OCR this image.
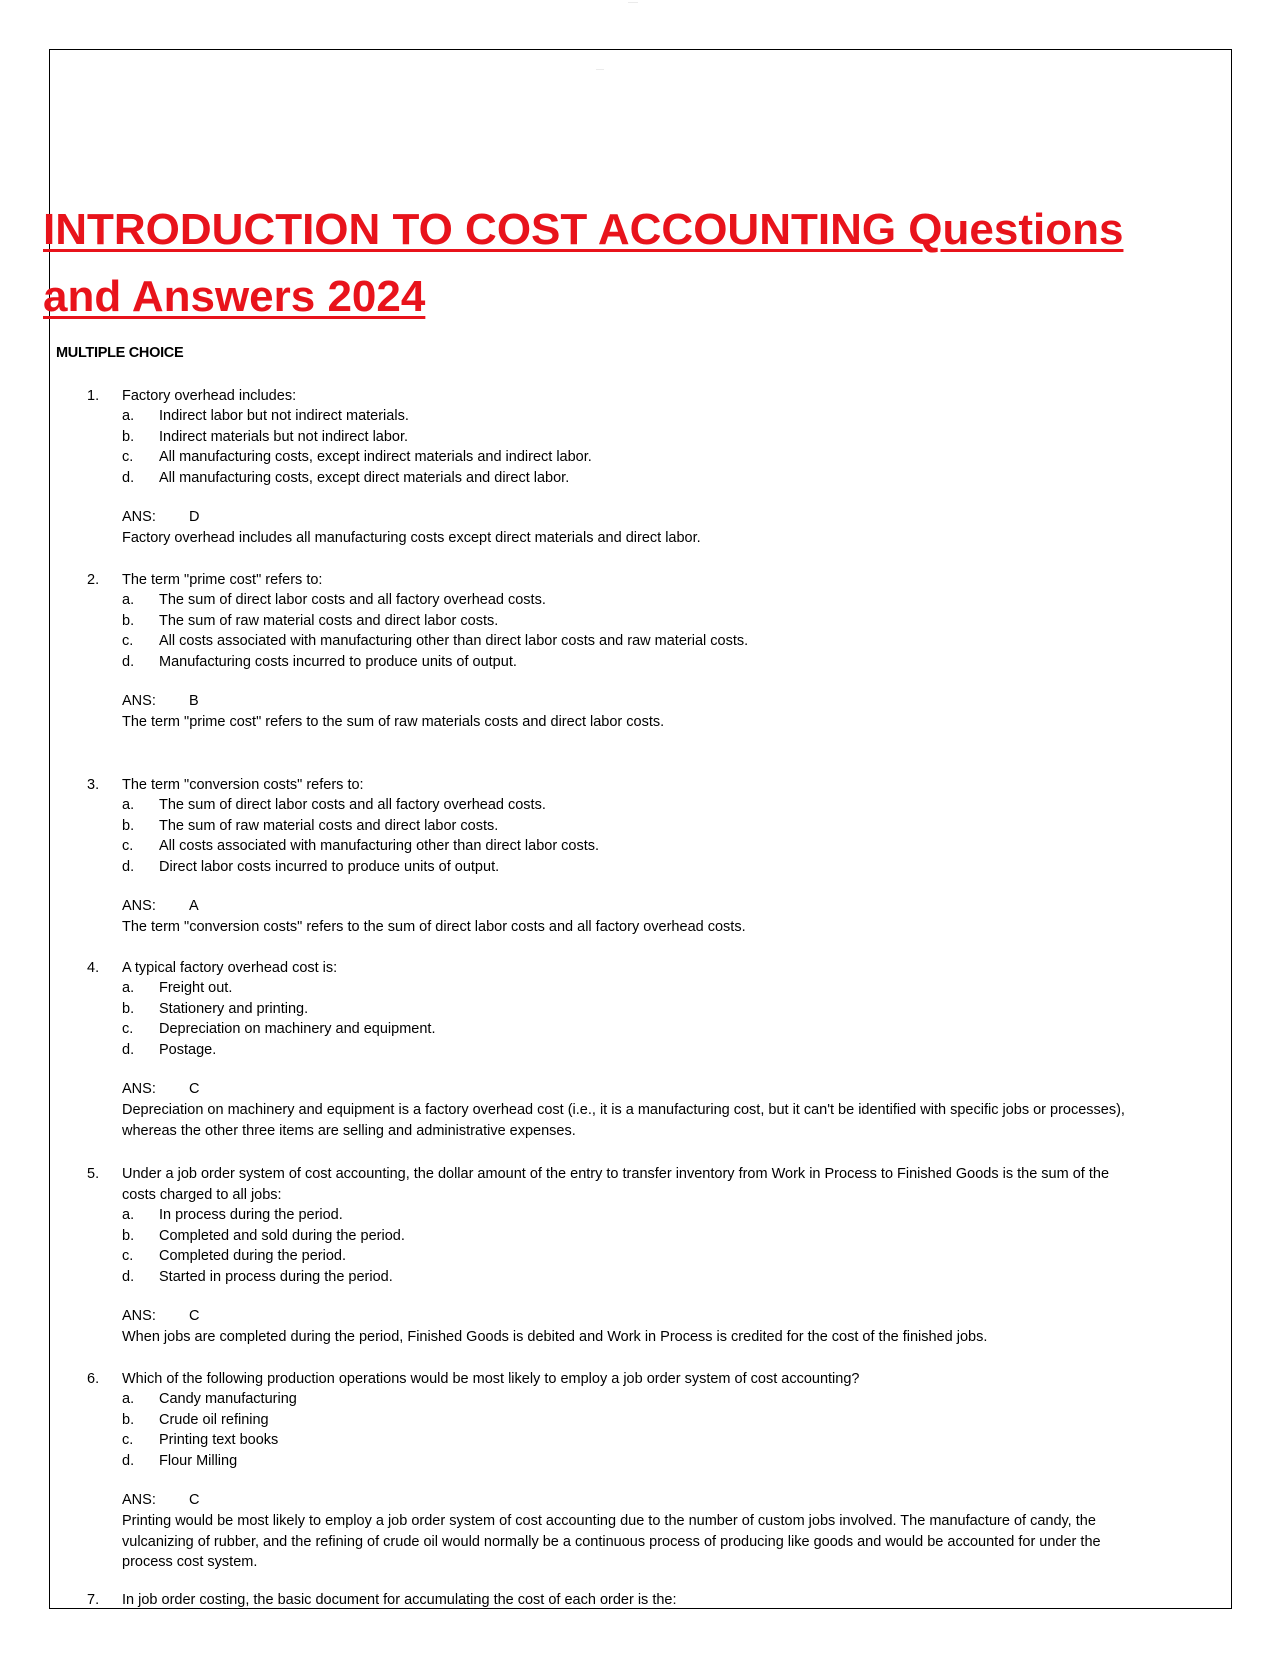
----------
--------
INTRODUCTION TO COST ACCOUNTING Questions and Answers 2024
MULTIPLE CHOICE
1.	Factory overhead includes:
a. Indirect labor but not indirect materials.
b. Indirect materials but not indirect labor.
c. All manufacturing costs, except indirect materials and indirect labor.
d. All manufacturing costs, except direct materials and direct labor.
ANS: D
Factory overhead includes all manufacturing costs except direct materials and direct labor.
2.	The term "prime cost" refers to:
a. The sum of direct labor costs and all factory overhead costs.
b. The sum of raw material costs and direct labor costs.
c. All costs associated with manufacturing other than direct labor costs and raw material costs.
d. Manufacturing costs incurred to produce units of output.
ANS: B
The term "prime cost" refers to the sum of raw materials costs and direct labor costs.
3.	The term "conversion costs" refers to:
a. The sum of direct labor costs and all factory overhead costs.
b. The sum of raw material costs and direct labor costs.
c. All costs associated with manufacturing other than direct labor costs.
d. Direct labor costs incurred to produce units of output.
ANS: A
The term "conversion costs" refers to the sum of direct labor costs and all factory overhead costs.
4.	A typical factory overhead cost is:
a. Freight out.
b. Stationery and printing.
c. Depreciation on machinery and equipment.
d. Postage.
ANS: C
Depreciation on machinery and equipment is a factory overhead cost (i.e., it is a manufacturing cost, but it can't be identified with specific jobs or processes), whereas the other three items are selling and administrative expenses.
5.	Under a job order system of cost accounting, the dollar amount of the entry to transfer inventory from Work in Process to Finished Goods is the sum of the costs charged to all jobs:
a. In process during the period.
b. Completed and sold during the period.
c. Completed during the period.
d. Started in process during the period.
ANS: C
When jobs are completed during the period, Finished Goods is debited and Work in Process is credited for the cost of the finished jobs.
6.	Which of the following production operations would be most likely to employ a job order system of cost accounting?
a. Candy manufacturing
b. Crude oil refining
c. Printing text books
d. Flour Milling
ANS: C
Printing would be most likely to employ a job order system of cost accounting due to the number of custom jobs involved. The manufacture of candy, the vulcanizing of rubber, and the refining of crude oil would normally be a continuous process of producing like goods and would be accounted for under the process cost system.
7. In job order costing, the basic document for accumulating the cost of each order is the:
